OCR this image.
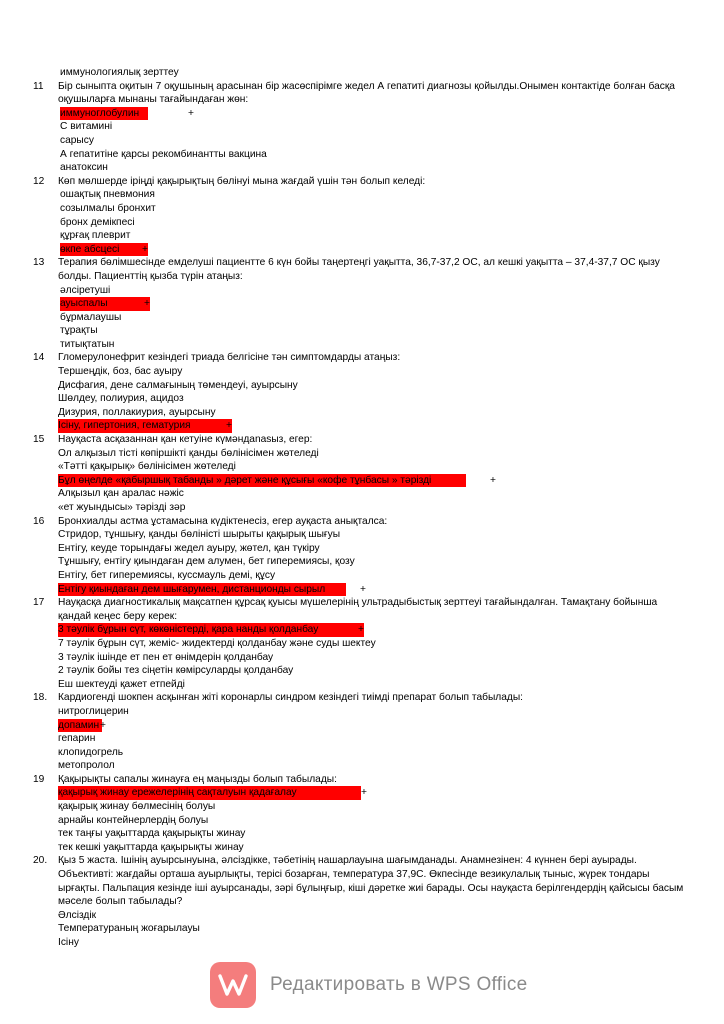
иммунологиялық зерттеу
11	Бір сыныпта оқитын 7 оқушының арасынан бір жасөспірімге жедел А гепатиті диагнозы қойылды.Онымен контактіде болған басқа оқушыларға мынаны тағайындаған жөн:
иммуноглобулин	+
С витамині
сарысу
А гепатитіне қарсы рекомбинантты вакцина
анатоксин
12	Көп мөлшерде іріңді қақырықтың бөлінуі мына жағдай үшін тән болып келеді:
ошақтық пневмония
созылмалы бронхит
бронх демікпесі
құрғақ плеврит
өкпе абсцесі +
13	Терапия бөлімшесінде емделуші пациентте 6 күн бойы таңертеңгі уақытта, 36,7-37,2 ОС, ал кешкі уақытта – 37,4-37,7 ОС қызу болды. Пациенттің қызба түрін атаңыз:
әлсіретуші
ауыспалы	+
бұрмалаушы
тұрақты
титықтатын
14	Гломерулонефрит кезіндегі триада белгісіне тән симптомдарды атаңыз:
Тершеңдік, боз, бас ауыру
Дисфагия, дене салмағының төмендеуі, ауырсыну
Шөлдеу, полиурия, ацидоз
Дизурия, поллакиурия, ауырсыну
Ісіну, гипертония, гематурия	+
15	Науқаста асқазаннан қан кетуіне күмәндanasыз, егер:
Ол алқызыл тісті көпіршікті қанды бөлінісімен жөтеледі
«Тәтті қақырық» бөлінісімен жөтеледі
Бұл өңелде «қабыршық табанды » дәрет және құсығы «кофе тұнбасы » тәрізді	+
Алқызыл қан аралас нәжіс
«ет жуындысы» тәрізді зәр
16	Бронхиалды астма ұстамасына күдіктенесіз, егер ауқаста анықталса:
Стридор, тұншығу, қанды бөліністі шырыты қақырық шығуы
Ентігу, кеуде торындағы жедел ауыру, жөтел, қан түкіру
Тұншығу, ентігу қиындаған дем алумен, бет гиперемиясы, қозу
Ентігу, бет гиперемиясы, куссмауль демі, құсу
Ентігу қиындаған дем шығарумен, дистанционды сырыл	+
17	Науқасқа диагностикалық мақсатпен құрсақ қуысы мүшелерінің ультрадыбыстық зерттеуі тағайындалған. Тамақтану бойынша қандай кеңес беру керек:
3 тәулік бұрын сүт, көкөністерді, қара нанды қолданбау	+
7 тәулік бұрын сүт, жеміс- жидектерді қолданбау және суды шектеу
3 тәулік ішінде ет пен ет өнімдерін қолданбау
2 тәулік бойы тез сіңетін көмірсуларды қолданбау
Еш шектеуді қажет етпейді
18.	Кардиогенді шокпен асқынған жіті коронарлы синдром кезіндегі тиімді препарат болып табылады:
нитроглицерин
допамин+
гепарин
клопидогрель
метопролол
19	Қақырықты сапалы жинауға ең маңызды болып табылады:
қақырық жинау ережелерінің сақталуын қадағалау	+
қақырық жинау бөлмесінің болуы
арнайы контейнерлердің болуы
тек таңғы уақыттарда қақырықты жинау
тек кешкі уақыттарда қақырықты жинау
20.	Қыз 5 жаста. Ішінің ауырсынуына, әлсіздікке, тәбетінің нашарлауына шағымданады. Анамнезінен: 4 күннен бері ауырады. Объективті: жағдайы орташа ауырлықты, терісі бозарған, температура 37,9С. Өкпесінде везикулалық тыныс, жүрек тондары ырғақты. Пальпация кезінде іші ауырсанады, зәрі бұлыңғыр, кіші дәретке жиі барады. Осы науқаста берілгендердің қайсысы басым мәселе болып табылады?
Әлсіздік
Температураның жоғарылауы
Ісіну
Редактировать в WPS Office
